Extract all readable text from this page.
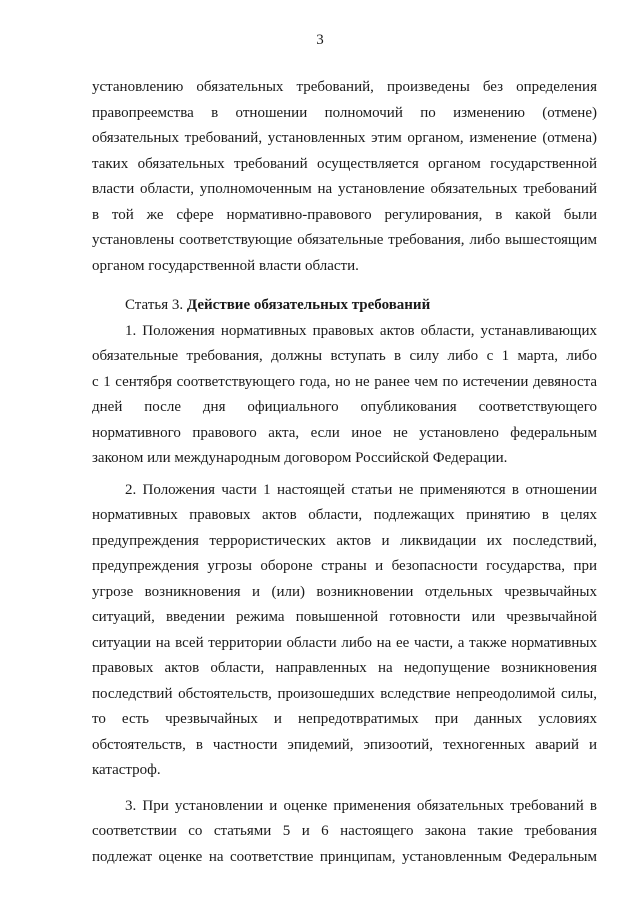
3
установлению обязательных требований, произведены без определения
правопреемства в отношении полномочий по изменению (отмене)
обязательных требований, установленных этим органом, изменение (отмена)
таких обязательных требований осуществляется органом государственной
власти области, уполномоченным на установление обязательных требований
в той же сфере нормативно-правового регулирования, в какой были
установлены соответствующие обязательные требования, либо вышестоящим
органом государственной власти области.
Статья 3. Действие обязательных требований
1. Положения нормативных правовых актов области, устанавливающих
обязательные требования, должны вступать в силу либо с 1 марта, либо
с 1 сентября соответствующего года, но не ранее чем по истечении девяноста
дней после дня официального опубликования соответствующего
нормативного правового акта, если иное не установлено федеральным
законом или международным договором Российской Федерации.
2. Положения части 1 настоящей статьи не применяются в отношении
нормативных правовых актов области, подлежащих принятию в целях
предупреждения террористических актов и ликвидации их последствий,
предупреждения угрозы обороне страны и безопасности государства, при
угрозе возникновения и (или) возникновении отдельных чрезвычайных
ситуаций, введении режима повышенной готовности или чрезвычайной
ситуации на всей территории области либо на ее части, а также нормативных
правовых актов области, направленных на недопущение возникновения
последствий обстоятельств, произошедших вследствие непреодолимой силы,
то есть чрезвычайных и непредотвратимых при данных условиях
обстоятельств, в частности эпидемий, эпизоотий, техногенных аварий и
катастроф.
3. При установлении и оценке применения обязательных требований в
соответствии со статьями 5 и 6 настоящего закона такие требования
подлежат оценке на соответствие принципам, установленным Федеральным
